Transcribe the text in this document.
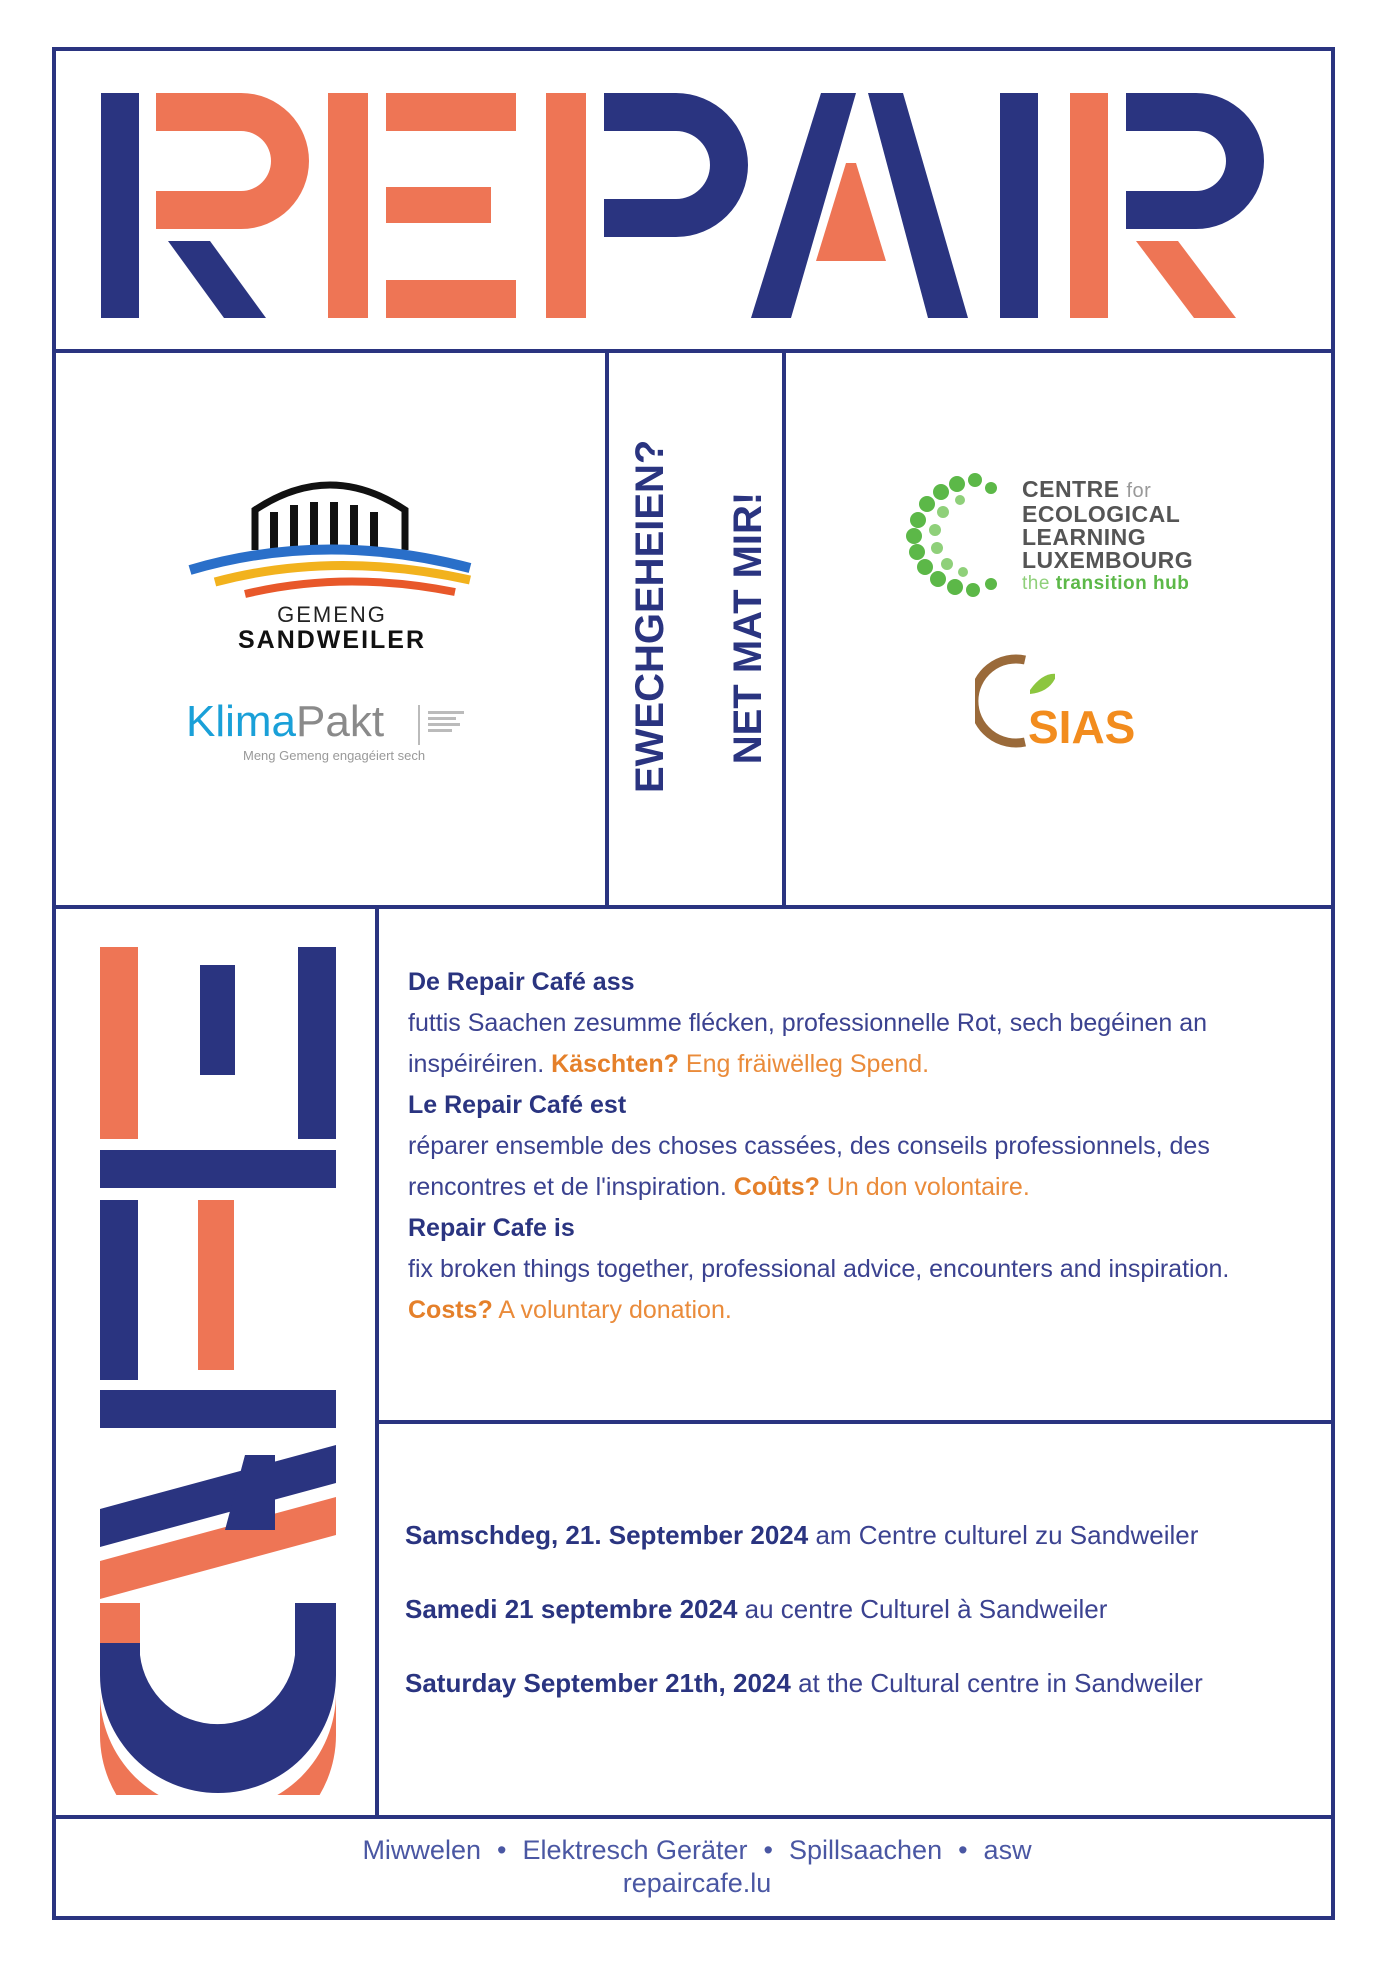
GEMENG
SANDWEILER
KlimaPakt
Meng Gemeng engagéiert sech	EWECHGEHEIEN? NET MAT MIR!
CENTRE for
ECOLOGICAL
LEARNING
LUXEMBOURG
the transition hub
SIAS

De Repair Café ass

futtis Saachen zesumme flécken, professionnelle Rot, sech begéinen an inspéiréiren. Käschten? Eng fräiwëlleg Spend.

Le Repair Café est

réparer ensemble des choses cassées, des conseils professionnels, des rencontres et de l'inspiration. Coûts? Un don volontaire.

Repair Cafe is

fix broken things together, professional advice, encounters and inspiration. Costs? A voluntary donation.

Samschdeg, 21. September 2024 am Centre culturel zu Sandweiler

Samedi 21 septembre 2024 au centre Culturel à Sandweiler

Saturday September 21th, 2024 at the Cultural centre in Sandweiler

Miwwelen • Elektresch Geräter • Spillsaachen • asw
repaircafe.lu
